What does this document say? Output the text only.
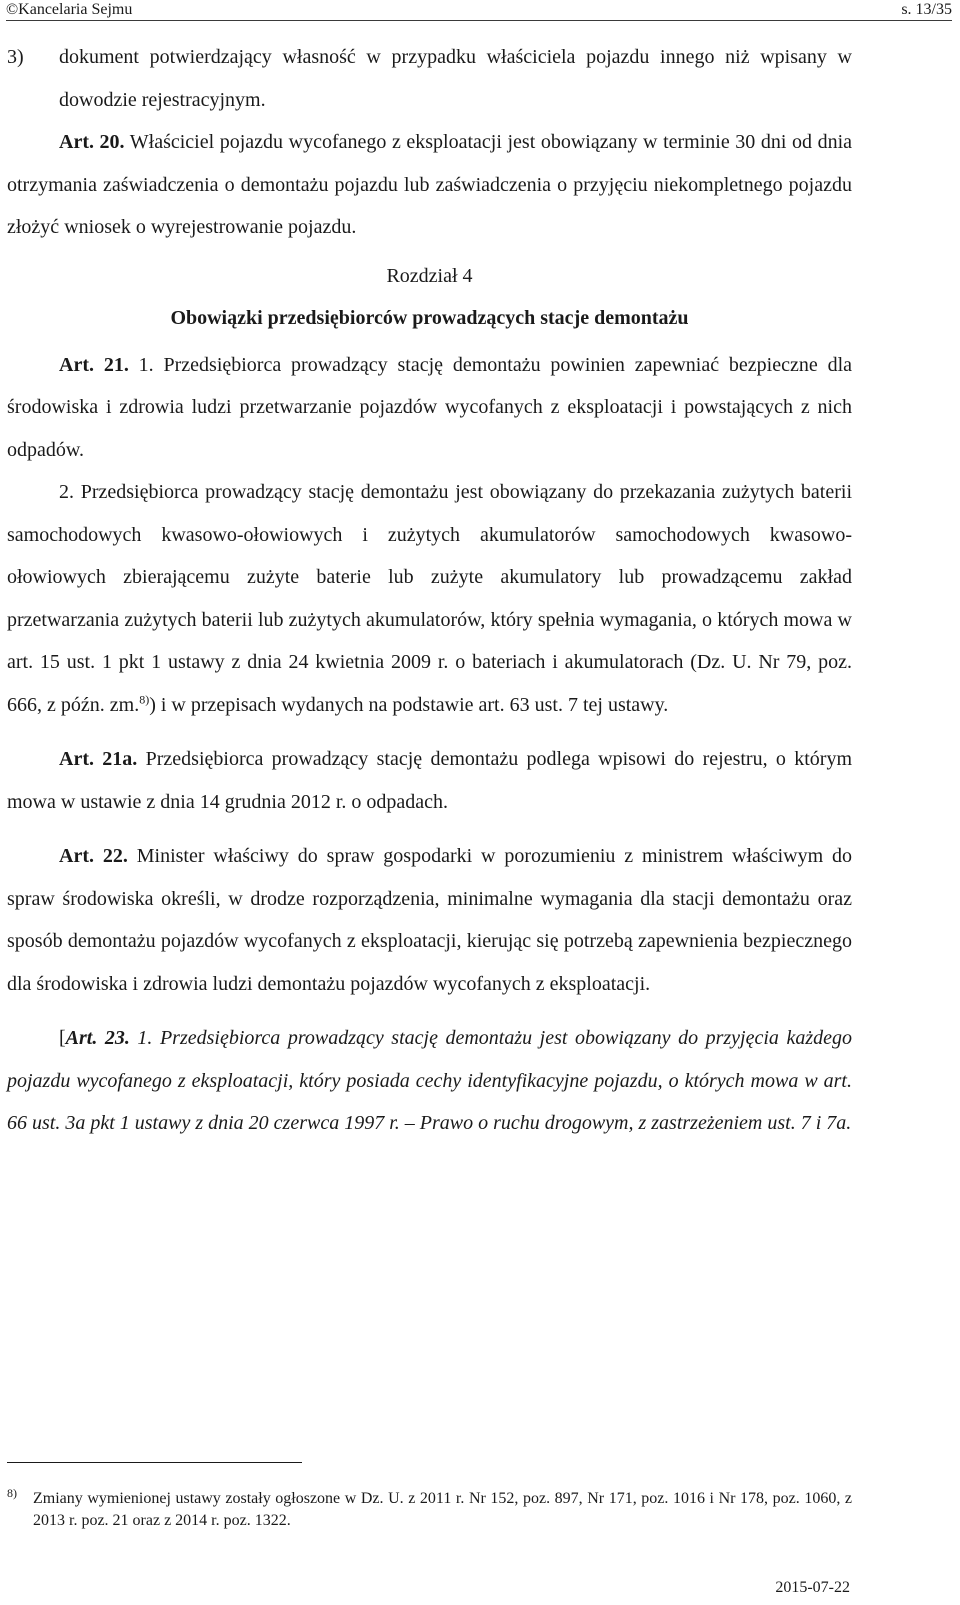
©Kancelaria Sejmu	s. 13/35

3) dokument potwierdzający własność w przypadku właściciela pojazdu innego niż wpisany w dowodzie rejestracyjnym.

Art. 20. Właściciel pojazdu wycofanego z eksploatacji jest obowiązany w terminie 30 dni od dnia otrzymania zaświadczenia o demontażu pojazdu lub zaświadczenia o przyjęciu niekompletnego pojazdu złożyć wniosek o wyrejestrowanie pojazdu.

Rozdział 4

Obowiązki przedsiębiorców prowadzących stacje demontażu

Art. 21. 1. Przedsiębiorca prowadzący stację demontażu powinien zapewniać bezpieczne dla środowiska i zdrowia ludzi przetwarzanie pojazdów wycofanych z eksploatacji i powstających z nich odpadów.

2. Przedsiębiorca prowadzący stację demontażu jest obowiązany do przekazania zużytych baterii samochodowych kwasowo-ołowiowych i zużytych akumulatorów samochodowych kwasowo-ołowiowych zbierającemu zużyte baterie lub zużyte akumulatory lub prowadzącemu zakład przetwarzania zużytych baterii lub zużytych akumulatorów, który spełnia wymagania, o których mowa w art. 15 ust. 1 pkt 1 ustawy z dnia 24 kwietnia 2009 r. o bateriach i akumulatorach (Dz. U. Nr 79, poz. 666, z późn. zm.$^{8)}$) i w przepisach wydanych na podstawie art. 63 ust. 7 tej ustawy.

Art. 21a. Przedsiębiorca prowadzący stację demontażu podlega wpisowi do rejestru, o którym mowa w ustawie z dnia 14 grudnia 2012 r. o odpadach.

Art. 22. Minister właściwy do spraw gospodarki w porozumieniu z ministrem właściwym do spraw środowiska określi, w drodze rozporządzenia, minimalne wymagania dla stacji demontażu oraz sposób demontażu pojazdów wycofanych z eksploatacji, kierując się potrzebą zapewnienia bezpiecznego dla środowiska i zdrowia ludzi demontażu pojazdów wycofanych z eksploatacji.

[Art. 23. 1. Przedsiębiorca prowadzący stację demontażu jest obowiązany do przyjęcia każdego pojazdu wycofanego z eksploatacji, który posiada cechy identyfikacyjne pojazdu, o których mowa w art. 66 ust. 3a pkt 1 ustawy z dnia 20 czerwca 1997 r. – Prawo o ruchu drogowym, z zastrzeżeniem ust. 7 i 7a.

8) Zmiany wymienionej ustawy zostały ogłoszone w Dz. U. z 2011 r. Nr 152, poz. 897, Nr 171, poz. 1016 i Nr 178, poz. 1060, z 2013 r. poz. 21 oraz z 2014 r. poz. 1322.
2015-07-22
